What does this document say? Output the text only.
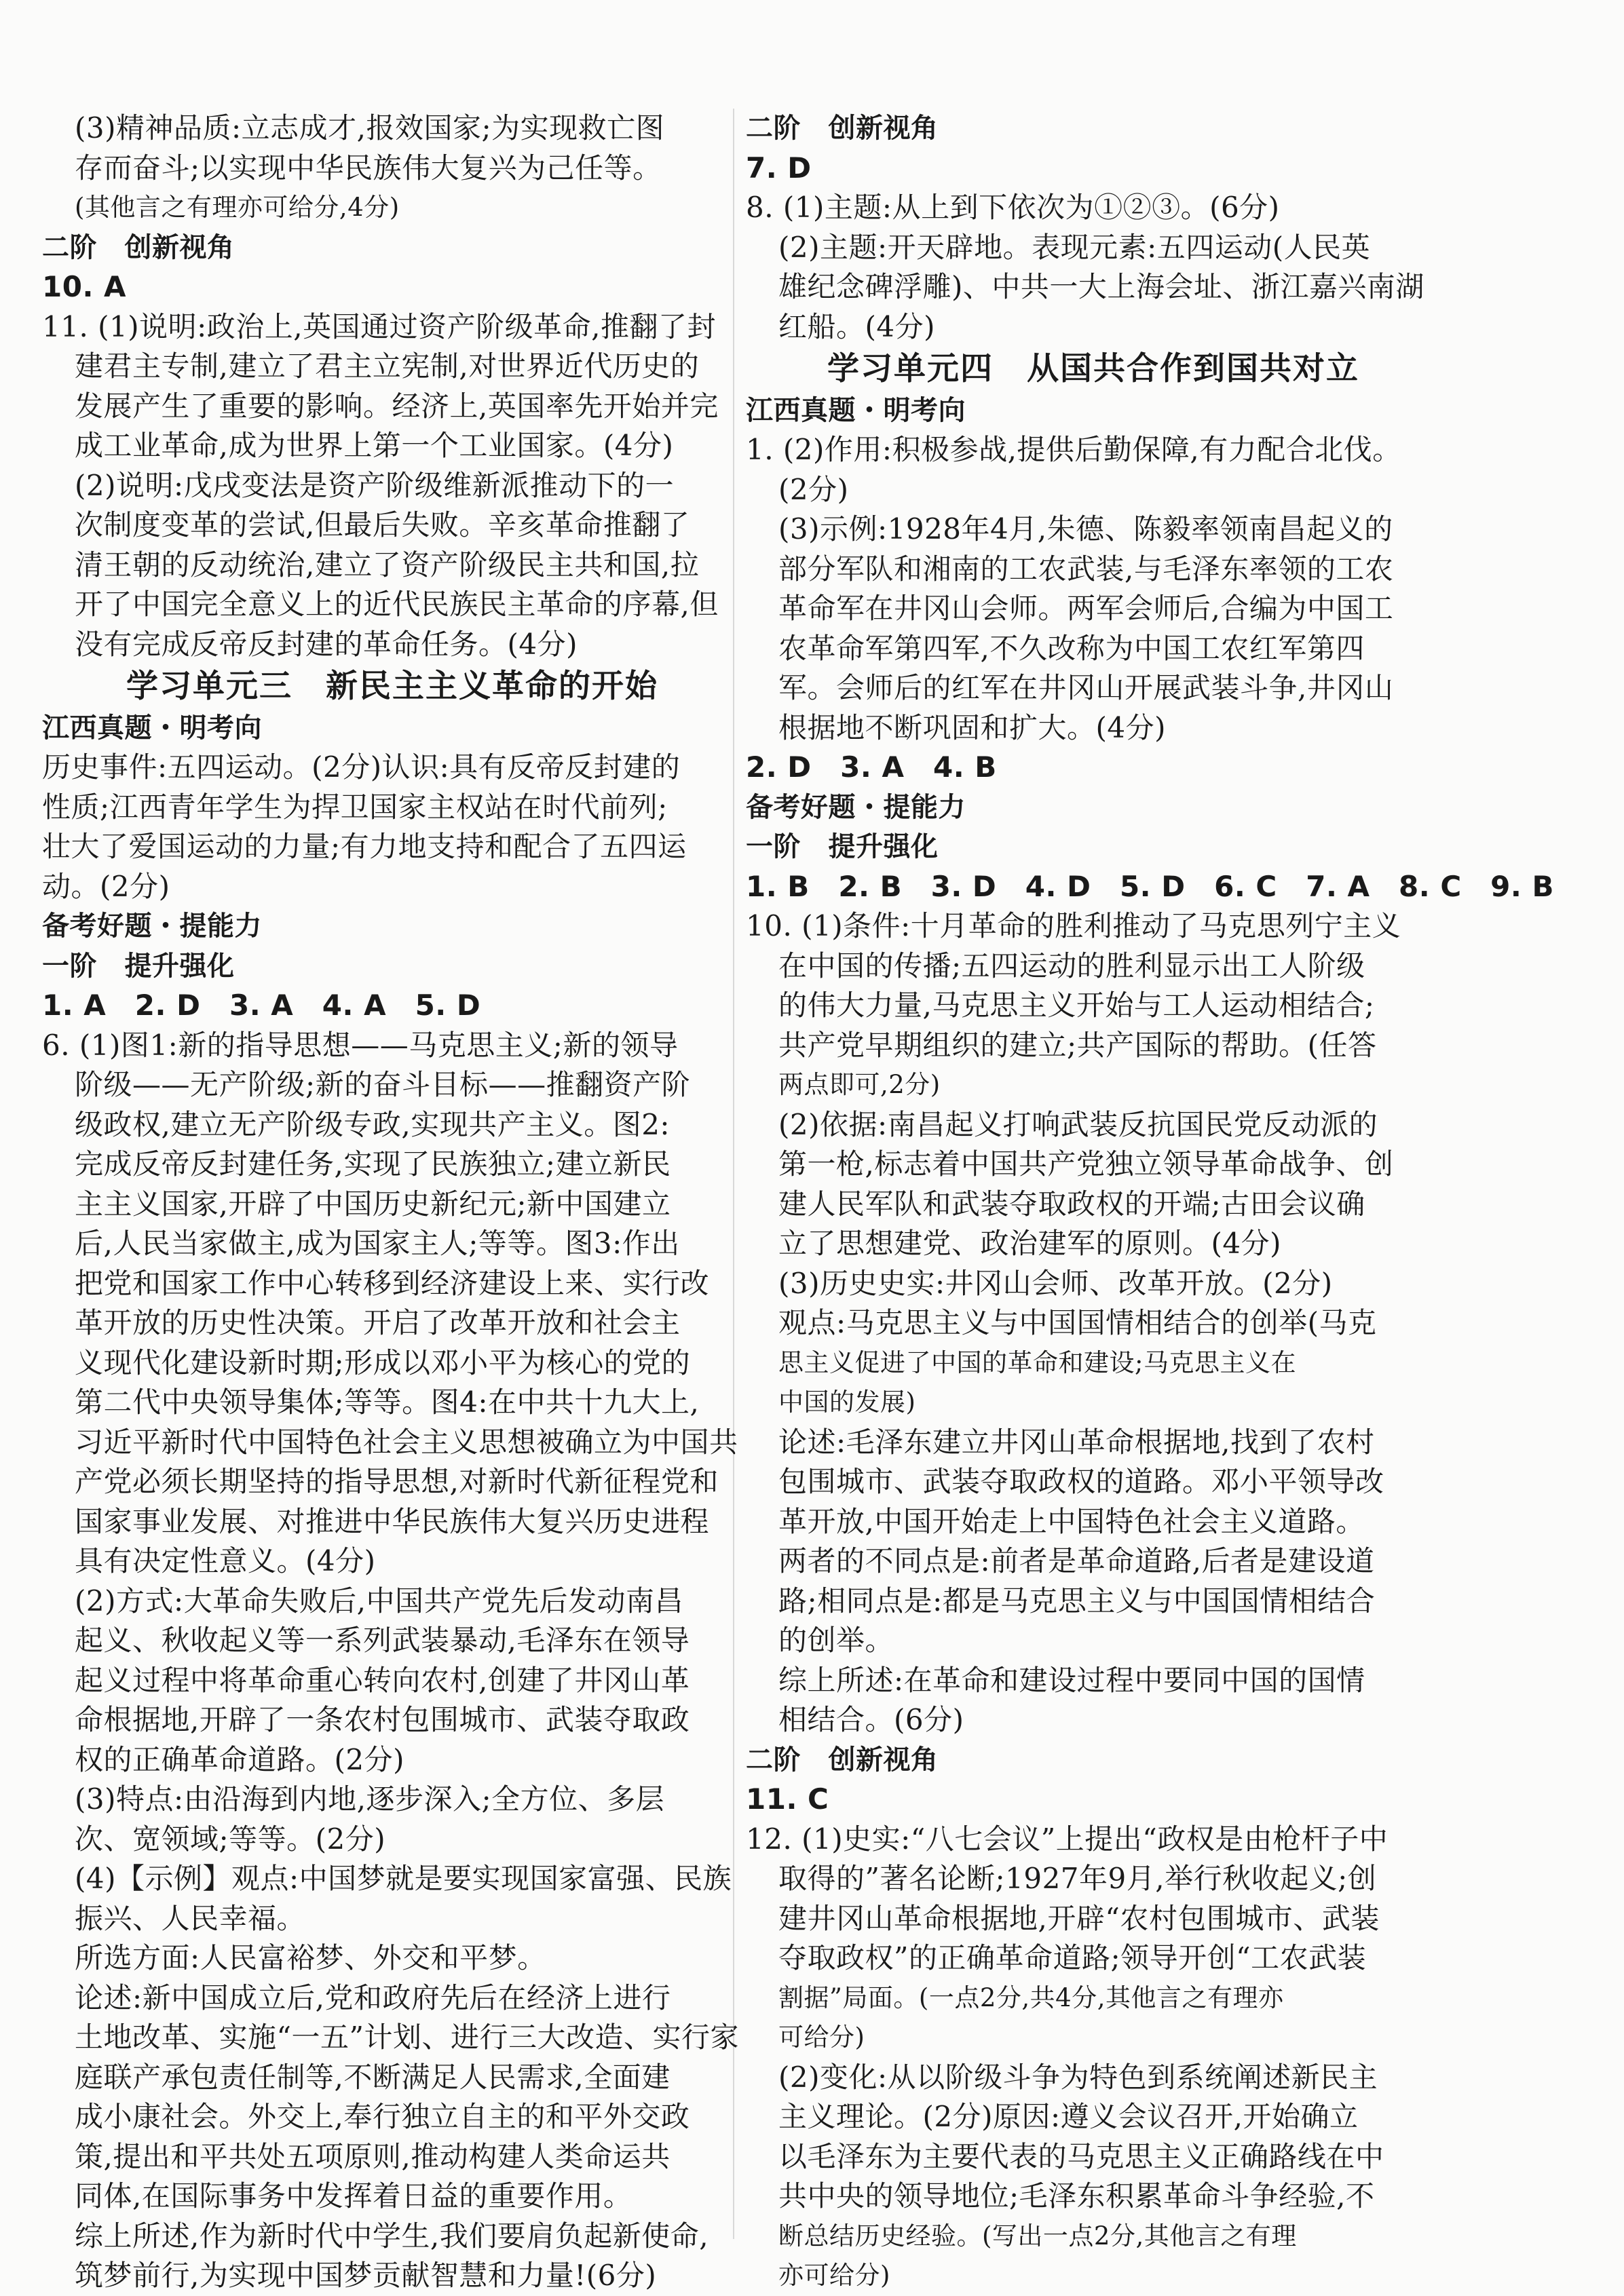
(3)精神品质:立志成才,报效国家;为实现救亡图

存而奋斗;以实现中华民族伟大复兴为己任等。

(其他言之有理亦可给分,4分)

二阶　创新视角

10. A

11. (1)说明:政治上,英国通过资产阶级革命,推翻了封

建君主专制,建立了君主立宪制,对世界近代历史的

发展产生了重要的影响。经济上,英国率先开始并完

成工业革命,成为世界上第一个工业国家。(4分)

(2)说明:戊戌变法是资产阶级维新派推动下的一

次制度变革的尝试,但最后失败。辛亥革命推翻了

清王朝的反动统治,建立了资产阶级民主共和国,拉

开了中国完全意义上的近代民族民主革命的序幕,但

没有完成反帝反封建的革命任务。(4分)

学习单元三　新民主主义革命的开始

江西真题・明考向

历史事件:五四运动。(2分)认识:具有反帝反封建的

性质;江西青年学生为捍卫国家主权站在时代前列;

壮大了爱国运动的力量;有力地支持和配合了五四运

动。(2分)

备考好题・提能力

一阶　提升强化

1. A　2. D　3. A　4. A　5. D

6. (1)图1:新的指导思想——马克思主义;新的领导

阶级——无产阶级;新的奋斗目标——推翻资产阶

级政权,建立无产阶级专政,实现共产主义。图2:

完成反帝反封建任务,实现了民族独立;建立新民

主主义国家,开辟了中国历史新纪元;新中国建立

后,人民当家做主,成为国家主人;等等。图3:作出

把党和国家工作中心转移到经济建设上来、实行改

革开放的历史性决策。开启了改革开放和社会主

义现代化建设新时期;形成以邓小平为核心的党的

第二代中央领导集体;等等。图4:在中共十九大上,

习近平新时代中国特色社会主义思想被确立为中国共

产党必须长期坚持的指导思想,对新时代新征程党和

国家事业发展、对推进中华民族伟大复兴历史进程

具有决定性意义。(4分)

(2)方式:大革命失败后,中国共产党先后发动南昌

起义、秋收起义等一系列武装暴动,毛泽东在领导

起义过程中将革命重心转向农村,创建了井冈山革

命根据地,开辟了一条农村包围城市、武装夺取政

权的正确革命道路。(2分)

(3)特点:由沿海到内地,逐步深入;全方位、多层

次、宽领域;等等。(2分)

(4)【示例】观点:中国梦就是要实现国家富强、民族

振兴、人民幸福。

所选方面:人民富裕梦、外交和平梦。

论述:新中国成立后,党和政府先后在经济上进行

土地改革、实施“一五”计划、进行三大改造、实行家

庭联产承包责任制等,不断满足人民需求,全面建

成小康社会。外交上,奉行独立自主的和平外交政

策,提出和平共处五项原则,推动构建人类命运共

同体,在国际事务中发挥着日益的重要作用。

综上所述,作为新时代中学生,我们要肩负起新使命,

筑梦前行,为实现中国梦贡献智慧和力量!(6分)

二阶　创新视角

7. D

8. (1)主题:从上到下依次为①②③。(6分)

(2)主题:开天辟地。表现元素:五四运动(人民英

雄纪念碑浮雕)、中共一大上海会址、浙江嘉兴南湖

红船。(4分)

学习单元四　从国共合作到国共对立

江西真题・明考向

1. (2)作用:积极参战,提供后勤保障,有力配合北伐。

(2分)

(3)示例:1928年4月,朱德、陈毅率领南昌起义的

部分军队和湘南的工农武装,与毛泽东率领的工农

革命军在井冈山会师。两军会师后,合编为中国工

农革命军第四军,不久改称为中国工农红军第四

军。会师后的红军在井冈山开展武装斗争,井冈山

根据地不断巩固和扩大。(4分)

2. D　3. A　4. B

备考好题・提能力

一阶　提升强化

1. B　2. B　3. D　4. D　5. D　6. C　7. A　8. C　9. B

10. (1)条件:十月革命的胜利推动了马克思列宁主义

在中国的传播;五四运动的胜利显示出工人阶级

的伟大力量,马克思主义开始与工人运动相结合;

共产党早期组织的建立;共产国际的帮助。(任答

两点即可,2分)

(2)依据:南昌起义打响武装反抗国民党反动派的

第一枪,标志着中国共产党独立领导革命战争、创

建人民军队和武装夺取政权的开端;古田会议确

立了思想建党、政治建军的原则。(4分)

(3)历史史实:井冈山会师、改革开放。(2分)

观点:马克思主义与中国国情相结合的创举(马克

思主义促进了中国的革命和建设;马克思主义在

中国的发展)

论述:毛泽东建立井冈山革命根据地,找到了农村

包围城市、武装夺取政权的道路。邓小平领导改

革开放,中国开始走上中国特色社会主义道路。

两者的不同点是:前者是革命道路,后者是建设道

路;相同点是:都是马克思主义与中国国情相结合

的创举。

综上所述:在革命和建设过程中要同中国的国情

相结合。(6分)

二阶　创新视角

11. C

12. (1)史实:“八七会议”上提出“政权是由枪杆子中

取得的”著名论断;1927年9月,举行秋收起义;创

建井冈山革命根据地,开辟“农村包围城市、武装

夺取政权”的正确革命道路;领导开创“工农武装

割据”局面。(一点2分,共4分,其他言之有理亦

可给分)

(2)变化:从以阶级斗争为特色到系统阐述新民主

主义理论。(2分)原因:遵义会议召开,开始确立

以毛泽东为主要代表的马克思主义正确路线在中

共中央的领导地位;毛泽东积累革命斗争经验,不

断总结历史经验。(写出一点2分,其他言之有理

亦可给分)
